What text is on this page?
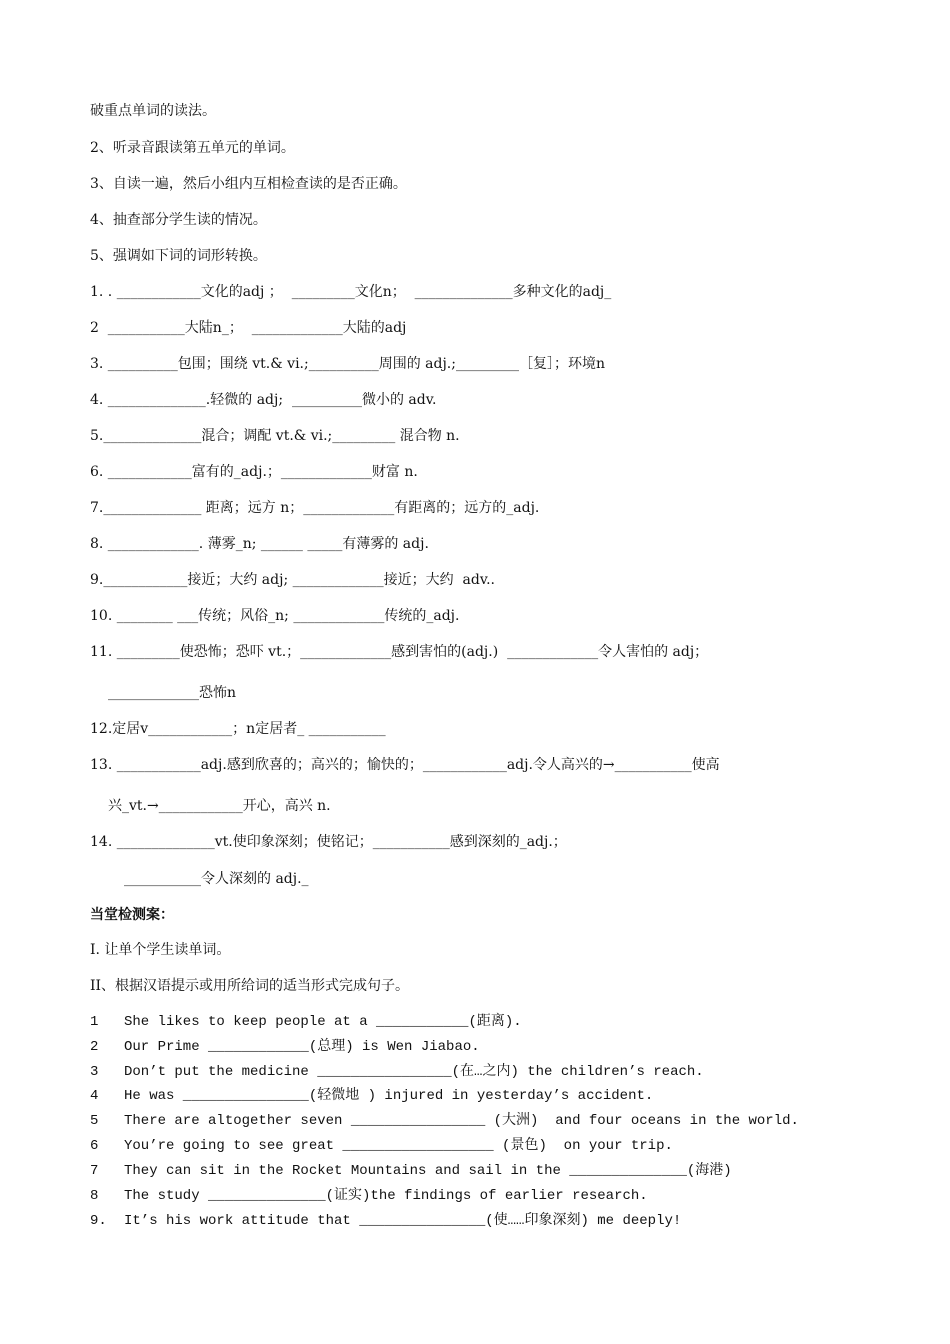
破重点单词的读法。
2、听录音跟读第五单元的单词。
3、自读一遍，然后小组内互相检查读的是否正确。
4、抽查部分学生读的情况。
5、强调如下词的词形转换。
1. . ____________文化的adj ；  _________文化n；  ______________多种文化的adj_
2  ___________大陆n_；  _____________大陆的adj
3. __________包围；围绕 vt.& vi.;__________周围的 adj.;_________［复］；环境n
4. ______________.轻微的 adj;  __________微小的 adv.
5.______________混合；调配 vt.& vi.;_________ 混合物 n.
6. ____________富有的_adj.；_____________财富 n.
7.______________ 距离；远方 n；_____________有距离的；远方的_adj.
8. _____________. 薄雾_n; ______ _____有薄雾的 adj.
9.____________接近；大约 adj; _____________接近；大约  adv..
10. ________ ___传统；风俗_n; _____________传统的_adj.
11. _________使恐怖；恐吓 vt.；_____________感到害怕的(adj.)  _____________令人害怕的 adj；
_____________恐怖n
12.定居v____________；n定居者_ ___________
13. ____________adj.感到欣喜的；高兴的；愉快的；____________adj.令人高兴的→___________使高
兴_vt.→____________开心，高兴 n.
14. ______________vt.使印象深刻；使铭记；___________感到深刻的_adj.；
___________令人深刻的 adj._
当堂检测案：
I. 让单个学生读单词。
II、根据汉语提示或用所给词的适当形式完成句子。
1 She likes to keep people at a ___________(距离).
2 Our Prime ____________(总理) is Wen Jiabao.
3 Don’t put the medicine ________________(在…之内) the children’s reach.
4 He was _______________(轻微地 ) injured in yesterday’s accident.
5 There are altogether seven ________________ (大洲)  and four oceans in the world.
6 You’re going to see great __________________ (景色)  on your trip.
7 They can sit in the Rocket Mountains and sail in the ______________(海港)
8 The study ______________(证实)the findings of earlier research.
9. It’s his work attitude that _______________(使……印象深刻) me deeply!
